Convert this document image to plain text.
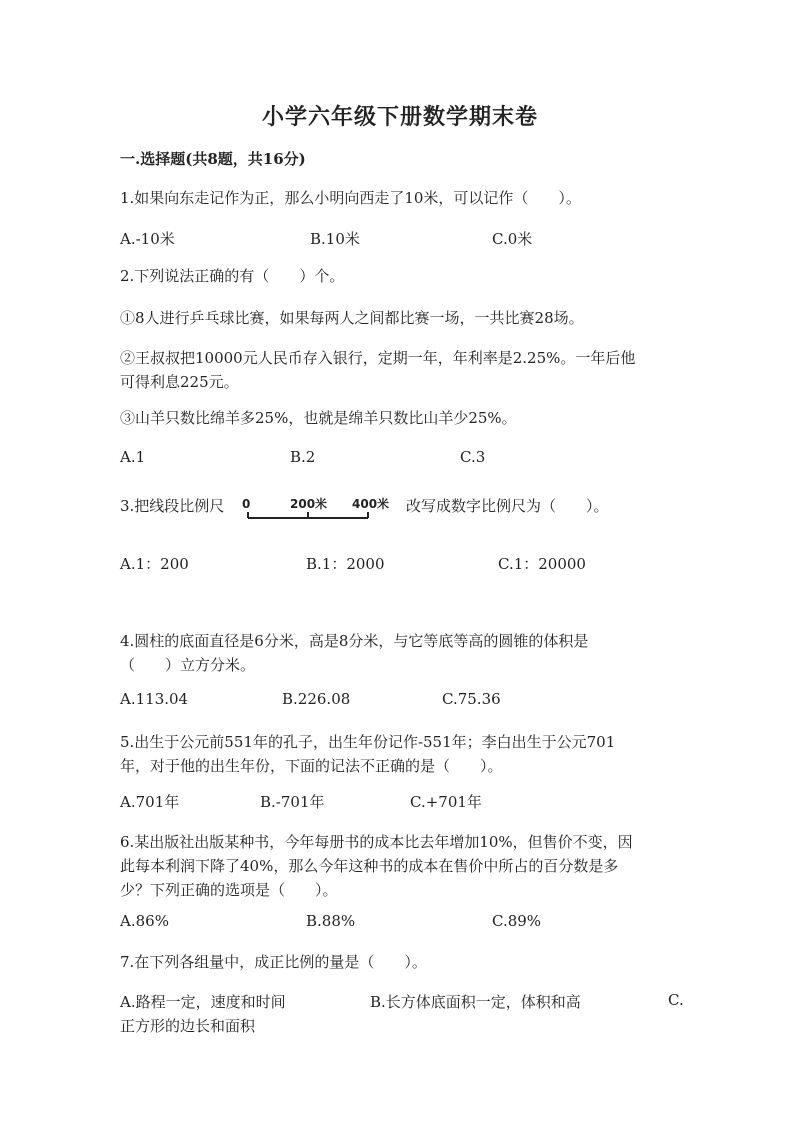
小学六年级下册数学期末卷
一.选择题(共8题，共16分)
1.如果向东走记作为正，那么小明向西走了10米，可以记作（　　）。
A.-10米	B.10米	C.0米
2.下列说法正确的有（　　）个。
①8人进行乒乓球比赛，如果每两人之间都比赛一场，一共比赛28场。
②王叔叔把10000元人民币存入银行，定期一年，年利率是2.25%。一年后他
可得利息225元。
③山羊只数比绵羊多25%，也就是绵羊只数比山羊少25%。
A.1	B.2	C.3
3.把线段比例尺 0	200米 400米 改写成数字比例尺为（　　）。
A.1：200	B.1：2000	C.1：20000
4.圆柱的底面直径是6分米，高是8分米，与它等底等高的圆锥的体积是
（　　）立方分米。
A.113.04	B.226.08	C.75.36
5.出生于公元前551年的孔子，出生年份记作-551年；李白出生于公元701
年，对于他的出生年份，下面的记法不正确的是（　　）。
A.701年	B.-701年	C.+701年
6.某出版社出版某种书，今年每册书的成本比去年增加10%，但售价不变，因
此每本利润下降了40%，那么今年这种书的成本在售价中所占的百分数是多
少？下列正确的选项是（　　）。
A.86%	B.88%	C.89%
7.在下列各组量中，成正比例的量是（　　）。
A.路程一定，速度和时间	B.长方体底面积一定，体积和高	C.
正方形的边长和面积
